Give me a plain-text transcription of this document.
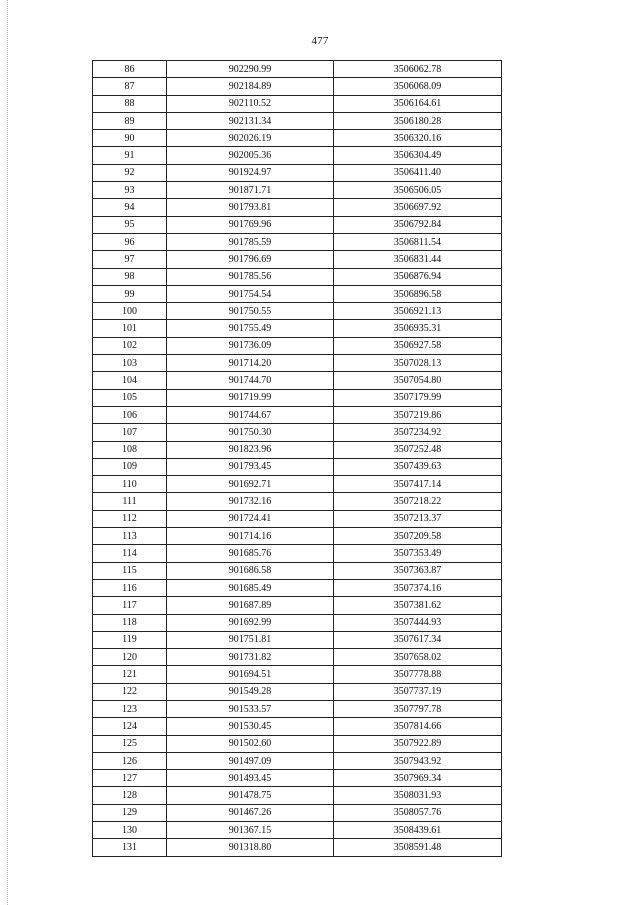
477
86	902290.99	3506062.78
87	902184.89	3506068.09
88	902110.52	3506164.61
89	902131.34	3506180.28
90	902026.19	3506320.16
91	902005.36	3506304.49
92	901924.97	3506411.40
93	901871.71	3506506.05
94	901793.81	3506697.92
95	901769.96	3506792.84
96	901785.59	3506811.54
97	901796.69	3506831.44
98	901785.56	3506876.94
99	901754.54	3506896.58
100	901750.55	3506921.13
101	901755.49	3506935.31
102	901736.09	3506927.58
103	901714.20	3507028.13
104	901744.70	3507054.80
105	901719.99	3507179.99
106	901744.67	3507219.86
107	901750.30	3507234.92
108	901823.96	3507252.48
109	901793.45	3507439.63
110	901692.71	3507417.14
111	901732.16	3507218.22
112	901724.41	3507213.37
113	901714.16	3507209.58
114	901685.76	3507353.49
115	901686.58	3507363.87
116	901685.49	3507374.16
117	901687.89	3507381.62
118	901692.99	3507444.93
119	901751.81	3507617.34
120	901731.82	3507658.02
121	901694.51	3507778.88
122	901549.28	3507737.19
123	901533.57	3507797.78
124	901530.45	3507814.66
125	901502.60	3507922.89
126	901497.09	3507943.92
127	901493.45	3507969.34
128	901478.75	3508031.93
129	901467.26	3508057.76
130	901367.15	3508439.61
131	901318.80	3508591.48
